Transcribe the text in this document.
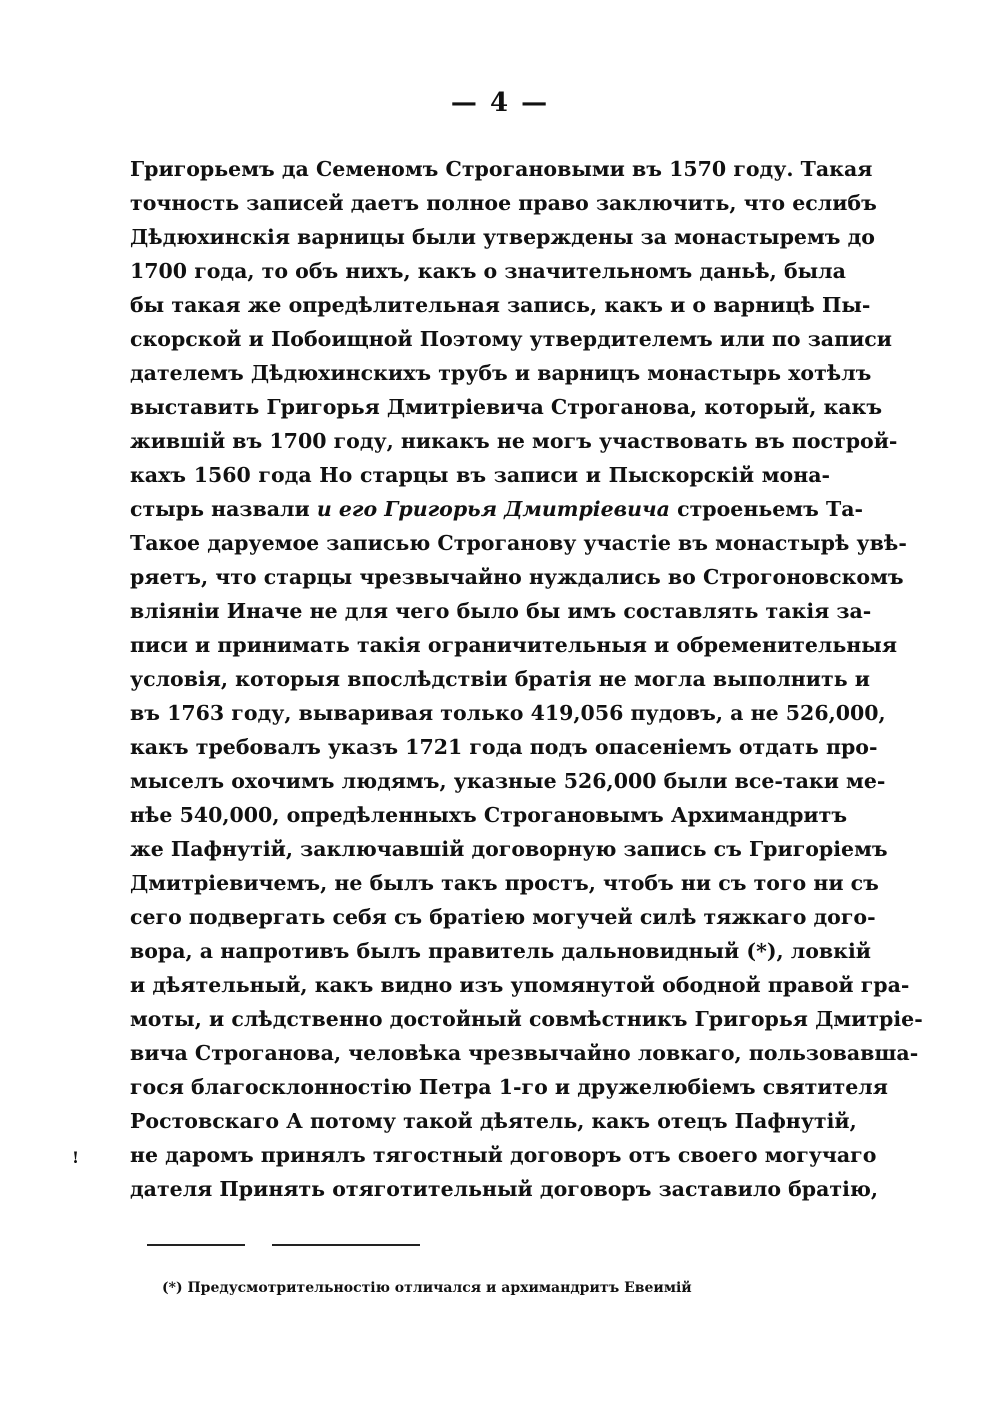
— 4 —
!
Григорьемъ да Семеномъ Строгановыми въ 1570 году. Такая
точность записей даетъ полное право заключить, что еслибъ
Дѣдюхинскія варницы были утверждены за монастыремъ до
1700 года, то объ нихъ, какъ о значительномъ даньѣ, была
бы такая же опредѣлительная запись, какъ и о варницѣ Пы-
скорской и Побоищной Поэтому утвердителемъ или по записи
дателемъ Дѣдюхинскихъ трубъ и варницъ монастырь хотѣлъ
выставить Григорья Дмитріевича Строганова, который, какъ
жившій въ 1700 году, никакъ не могъ участвовать въ построй-
кахъ 1560 года Но старцы въ записи и Пыскорскій мона-
стырь назвали и его Григорья Дмитріевича строеньемъ Та-
Такое даруемое записью Строганову участіе въ монастырѣ увѣ-
ряетъ, что старцы чрезвычайно нуждались во Строгоновскомъ
вліяніи Иначе не для чего было бы имъ составлять такія за-
писи и принимать такія ограничительныя и обременительныя
условія, которыя впослѣдствіи братія не могла выполнить и
въ 1763 году, вываривая только 419,056 пудовъ, а не 526,000,
какъ требовалъ указъ 1721 года подъ опасеніемъ отдать про-
мыселъ охочимъ людямъ, указные 526,000 были все-таки ме-
нѣе 540,000, опредѣленныхъ Строгановымъ Архимандритъ
же Пафнутій, заключавшій договорную запись съ Григоріемъ
Дмитріевичемъ, не былъ такъ простъ, чтобъ ни съ того ни съ
сего подвергать себя съ братіею могучей силѣ тяжкаго дого-
вора, а напротивъ былъ правитель дальновидный (*), ловкій
и дѣятельный, какъ видно изъ упомянутой ободной правой гра-
моты, и слѣдственно достойный совмѣстникъ Григорья Дмитріе-
вича Строганова, человѣка чрезвычайно ловкаго, пользовавша-
гося благосклонностію Петра 1-го и дружелюбіемъ святителя
Ростовскаго А потому такой дѣятель, какъ отецъ Пафнутій,
не даромъ принялъ тягостный договоръ отъ своего могучаго
дателя Принять отяготительный договоръ заставило братію,
(*) Предусмотрительностію отличался и архимандритъ Евеимій
